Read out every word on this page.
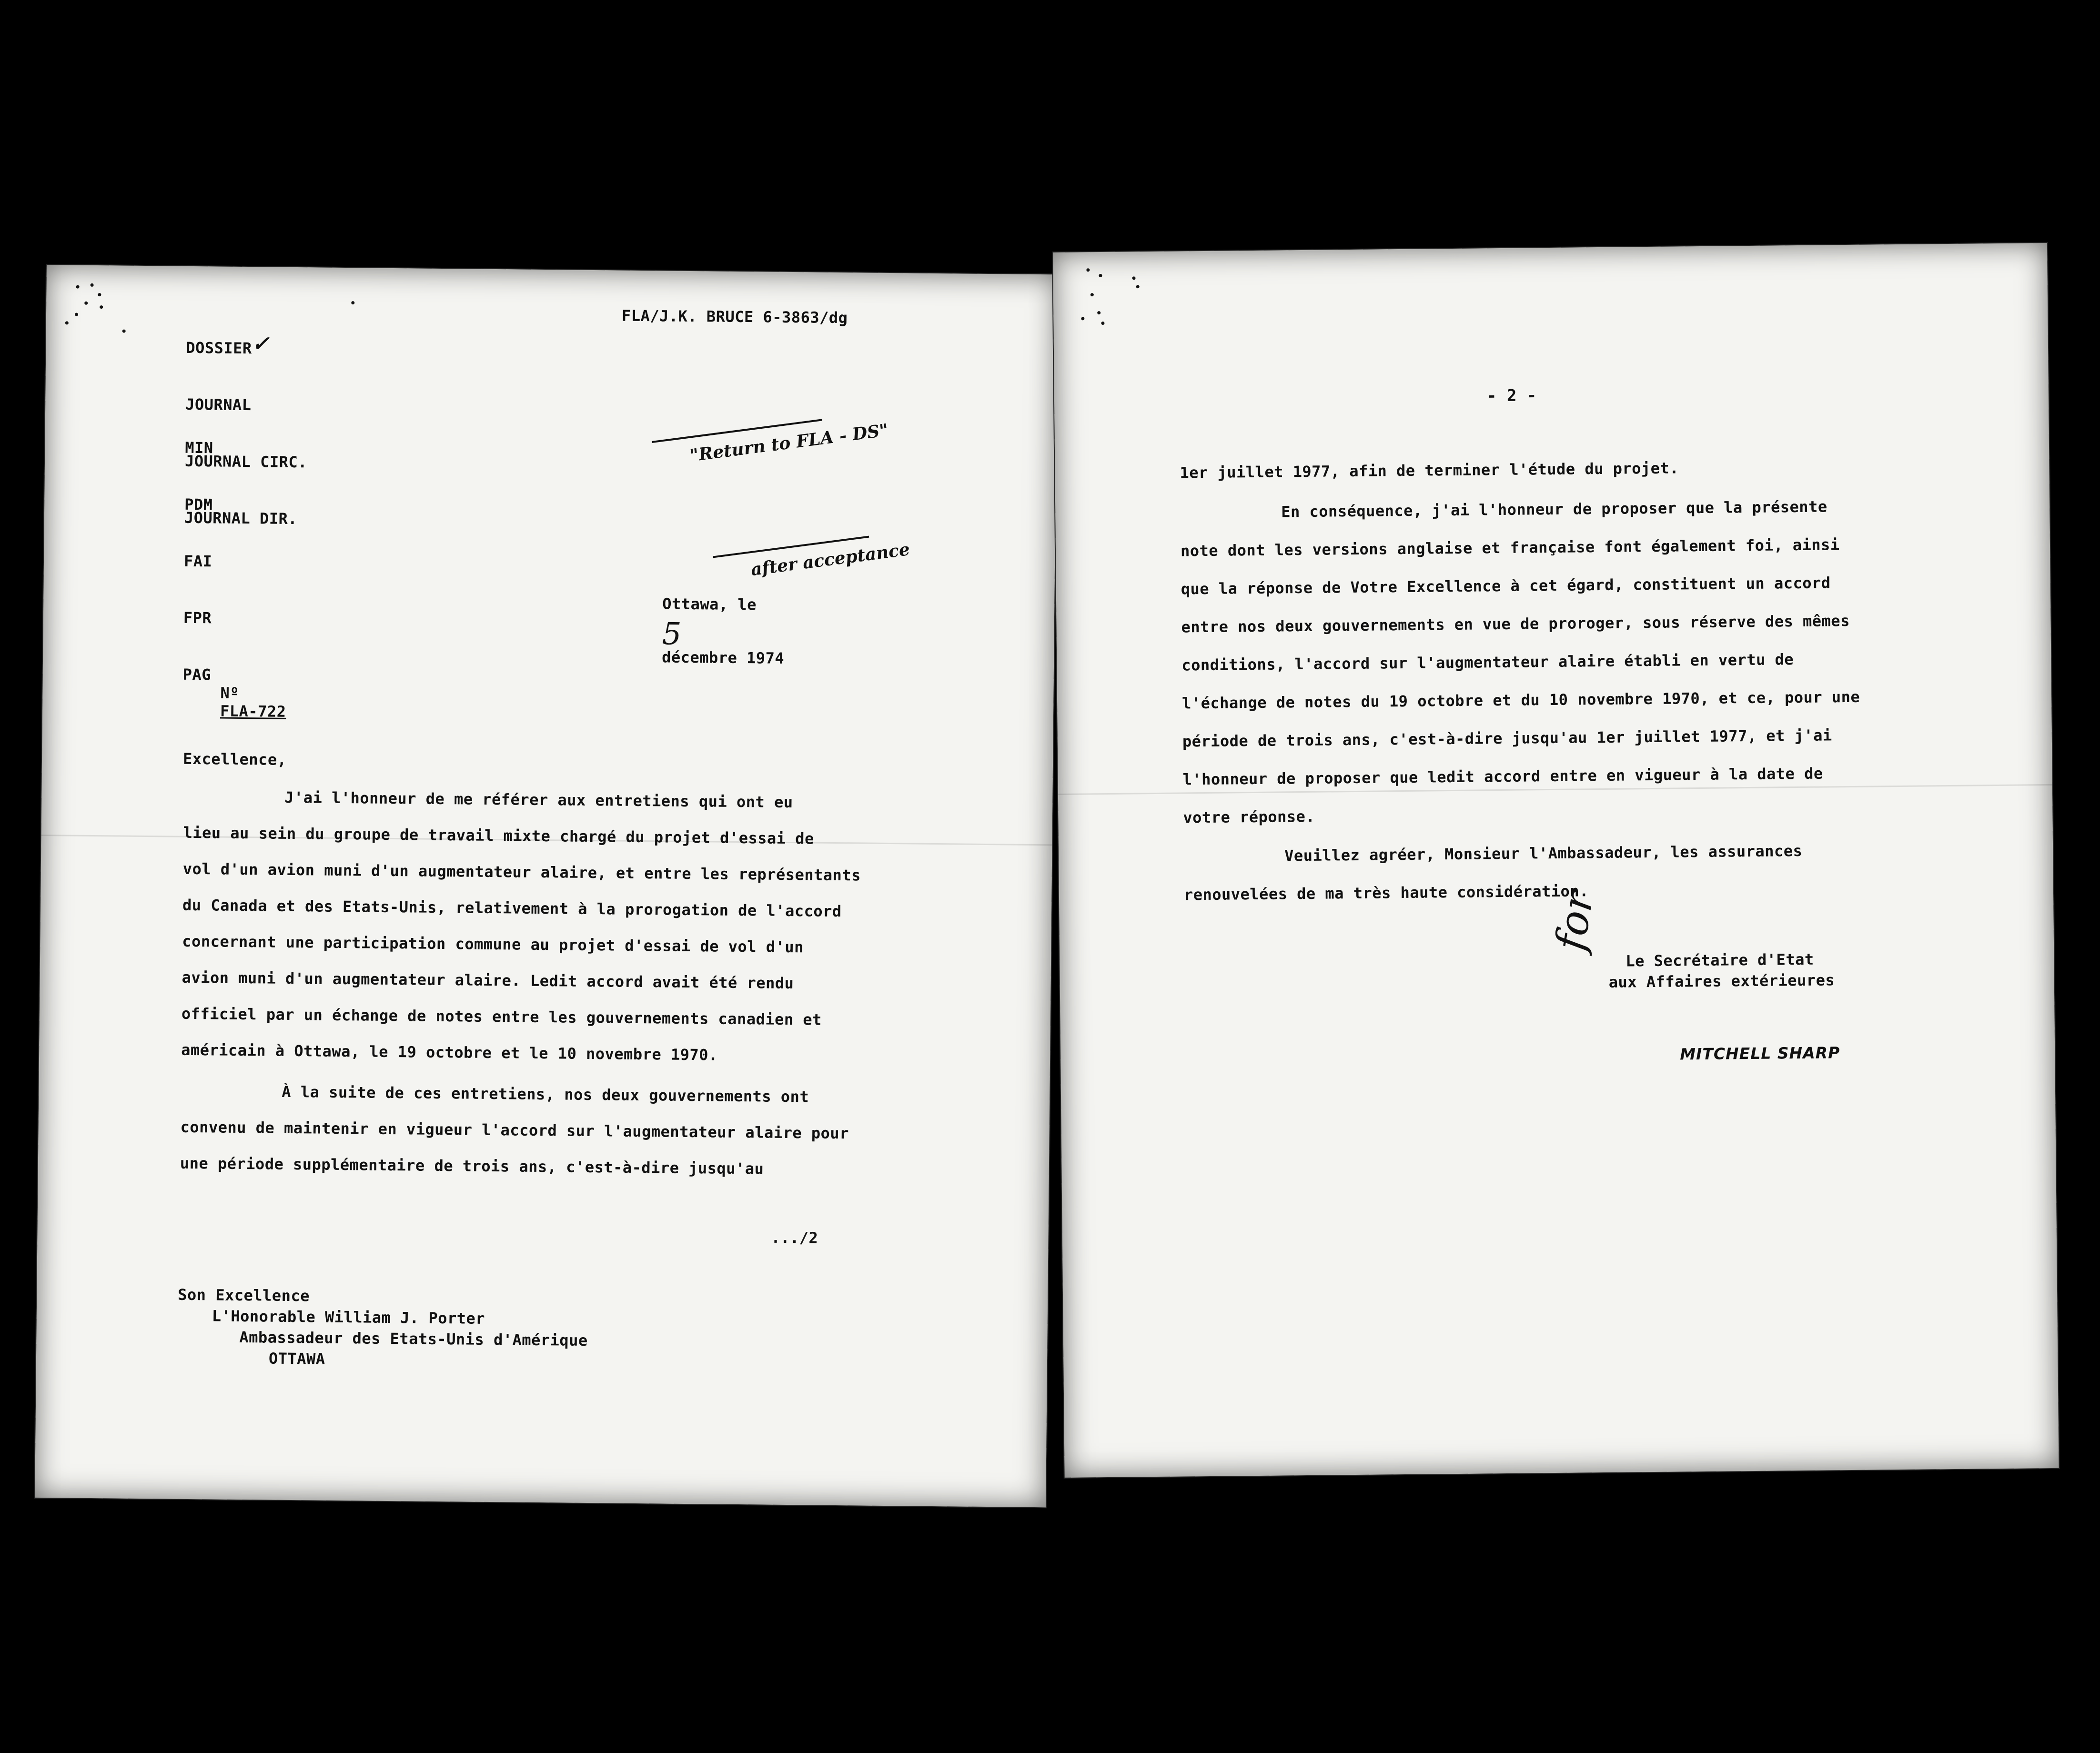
DOSSIER✓

JOURNAL

JOURNAL CIRC.

JOURNAL DIR.

MIN

PDM

FAI

FPR

PAG

FLA/J.K. BRUCE 6-3863/dg

"Return to FLA - DS"

after acceptance

Ottawa, le
5
décembre 1974

Nº
FLA-722

Excellence,
J'ai l'honneur de me référer aux entretiens qui ont eu
lieu au sein du groupe de travail mixte chargé du projet d'essai de
vol d'un avion muni d'un augmentateur alaire, et entre les représentants
du Canada et des Etats-Unis, relativement à la prorogation de l'accord
concernant une participation commune au projet d'essai de vol d'un
avion muni d'un augmentateur alaire. Ledit accord avait été rendu
officiel par un échange de notes entre les gouvernements canadien et
américain à Ottawa, le 19 octobre et le 10 novembre 1970.
À la suite de ces entretiens, nos deux gouvernements ont
convenu de maintenir en vigueur l'accord sur l'augmentateur alaire pour
une période supplémentaire de trois ans, c'est-à-dire jusqu'au
.../2
Son Excellence
L'Honorable William J. Porter
Ambassadeur des Etats-Unis d'Amérique
OTTAWA
- 2 -
1er juillet 1977, afin de terminer l'étude du projet.
En conséquence, j'ai l'honneur de proposer que la présente
note dont les versions anglaise et française font également foi, ainsi
que la réponse de Votre Excellence à cet égard, constituent un accord
entre nos deux gouvernements en vue de proroger, sous réserve des mêmes
conditions, l'accord sur l'augmentateur alaire établi en vertu de
l'échange de notes du 19 octobre et du 10 novembre 1970, et ce, pour une
période de trois ans, c'est-à-dire jusqu'au 1er juillet 1977, et j'ai
l'honneur de proposer que ledit accord entre en vigueur à la date de
votre réponse.
Veuillez agréer, Monsieur l'Ambassadeur, les assurances
renouvelées de ma très haute considération.
Le Secrétaire d'Etat
aux Affaires extérieures
for
MITCHELL SHARP
